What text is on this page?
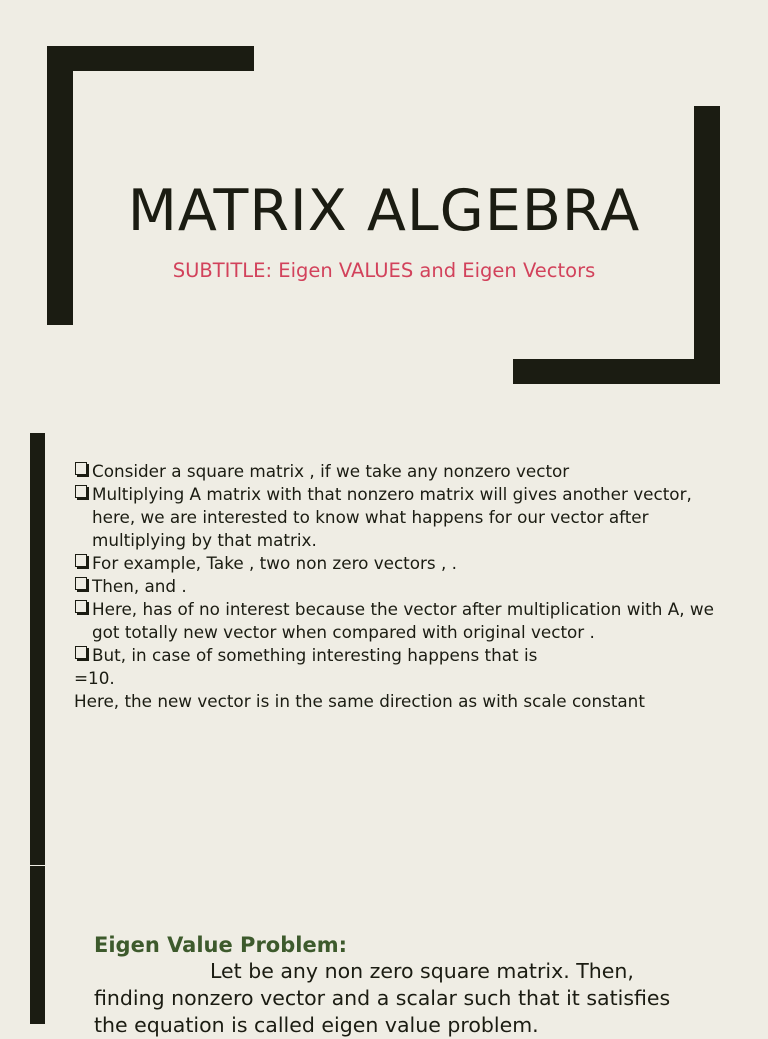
MATRIX ALGEBRA
SUBTITLE: Eigen VALUES and Eigen Vectors
Consider a square matrix , if we take any nonzero vector
Multiplying A matrix with that nonzero matrix will gives another vector, here, we are interested to know what happens for our vector after multiplying by that matrix.
For example, Take , two non zero vectors , .
Then, and .
Here, has of no interest because the vector after multiplication with A, we got totally new vector when compared with original vector .
But, in case of something interesting happens that is
=10.
Here, the new vector is in the same direction as with scale constant
Eigen Value Problem:
Let be any non zero square matrix. Then, finding nonzero vector and a scalar such that it satisfies the equation is called eigen value problem.
